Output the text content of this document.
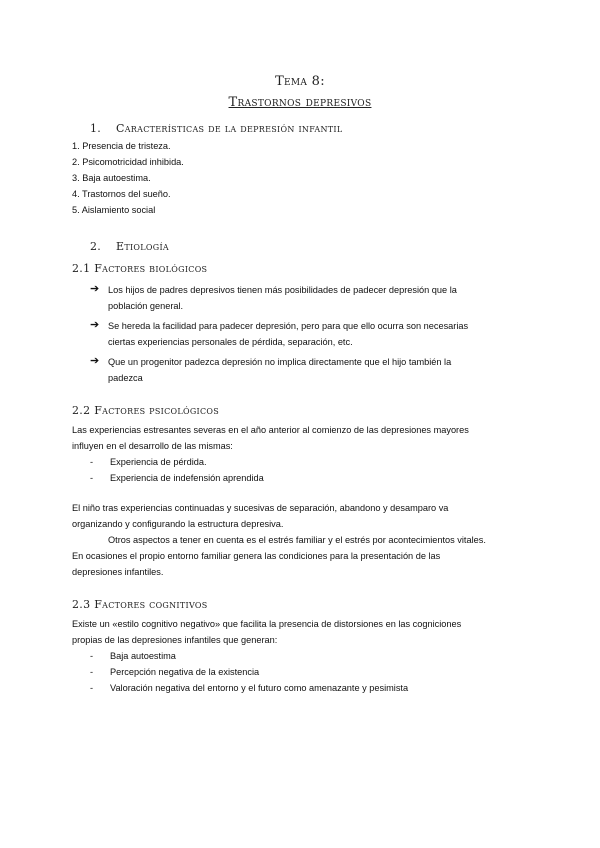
Tema 8:
Trastornos depresivos
1. Características de la depresión infantil
1. Presencia de tristeza.
2. Psicomotricidad inhibida.
3. Baja autoestima.
4. Trastornos del sueño.
5. Aislamiento social
2. Etiología
2.1 Factores biológicos
➔ Los hijos de padres depresivos tienen más posibilidades de padecer depresión que la
población general.
➔ Se hereda la facilidad para padecer depresión, pero para que ello ocurra son necesarias
ciertas experiencias personales de pérdida, separación, etc.
➔ Que un progenitor padezca depresión no implica directamente que el hijo también la
padezca
2.2 Factores psicológicos
Las experiencias estresantes severas en el año anterior al comienzo de las depresiones mayores
influyen en el desarrollo de las mismas:
- Experiencia de pérdida.
- Experiencia de indefensión aprendida
El niño tras experiencias continuadas y sucesivas de separación, abandono y desamparo va
organizando y configurando la estructura depresiva.
Otros aspectos a tener en cuenta es el estrés familiar y el estrés por acontecimientos vitales.
En ocasiones el propio entorno familiar genera las condiciones para la presentación de las
depresiones infantiles.
2.3 Factores cognitivos
Existe un «estilo cognitivo negativo» que facilita la presencia de distorsiones en las cogniciones
propias de las depresiones infantiles que generan:
- Baja autoestima
- Percepción negativa de la existencia
- Valoración negativa del entorno y el futuro como amenazante y pesimista
